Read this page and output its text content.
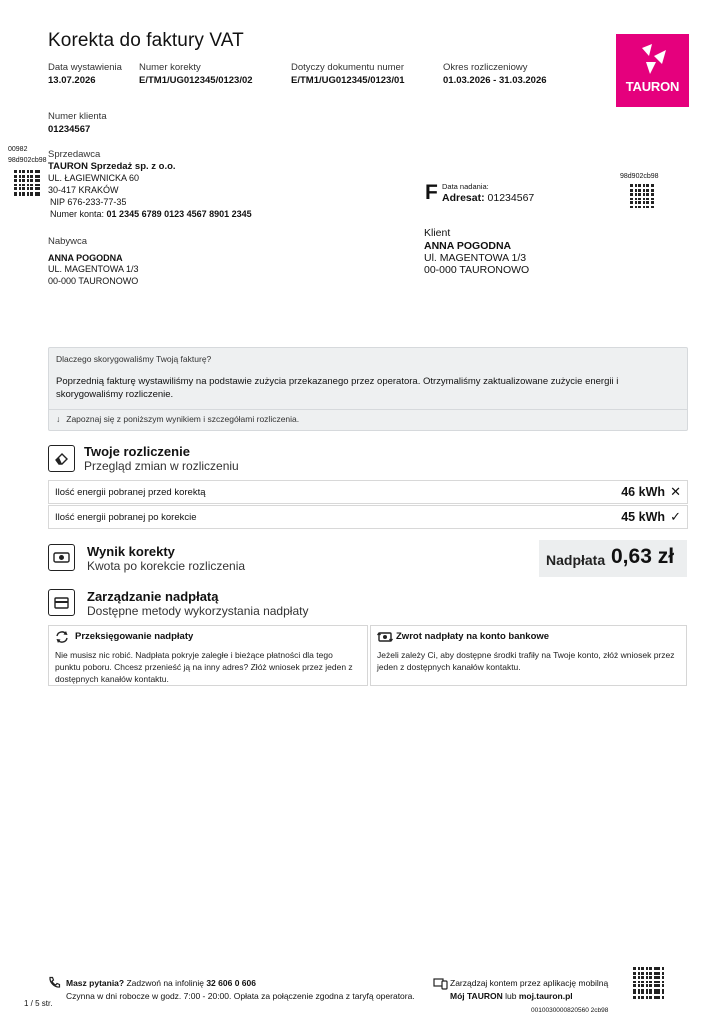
Korekta do faktury VAT
Data wystawienia
13.07.2026
Numer korekty
E/TM1/UG012345/0123/02
Dotyczy dokumentu numer
E/TM1/UG012345/0123/01
Okres rozliczeniowy
01.03.2026 - 31.03.2026	TAURON
Numer klienta
01234567
00982
98d902cb98
Sprzedawca
TAURON Sprzedaż sp. z o.o.
UL. ŁAGIEWNICKA 60
30-417 KRAKÓW
NIP 676-233-77-35
Numer konta: 01 2345 6789 0123 4567 8901 2345
F Data nadania:
Adresat: 01234567
98d902cb98
Klient
ANNA POGODNA
Ul. MAGENTOWA 1/3
00-000 TAURONOWO
Nabywca
ANNA POGODNA
UL. MAGENTOWA 1/3
00-000 TAURONOWO
Dlaczego skorygowaliśmy Twoją fakturę?
Poprzednią fakturę wystawiliśmy na podstawie zużycia przekazanego przez operatora. Otrzymaliśmy zaktualizowane zużycie energii i skorygowaliśmy rozliczenie.
↓ Zapoznaj się z poniższym wynikiem i szczegółami rozliczenia.
Twoje rozliczenie
Przegląd zmian w rozliczeniu
Ilość energii pobranej przed korektą	46 kWh ✕
Ilość energii pobranej po korekcie	45 kWh ✓
Wynik korekty
Kwota po korekcie rozliczenia	Nadpłata 0,63 zł
Zarządzanie nadpłatą
Dostępne metody wykorzystania nadpłaty
Przeksięgowanie nadpłaty
Nie musisz nic robić. Nadpłata pokryje zaległe i bieżące płatności dla tego punktu poboru. Chcesz przenieść ją na inny adres? Złóż wniosek przez jeden z dostępnych kanałów kontaktu.
Zwrot nadpłaty na konto bankowe
Jeżeli zależy Ci, aby dostępne środki trafiły na Twoje konto, złóż wniosek przez jeden z dostępnych kanałów kontaktu.
Masz pytania? Zadzwoń na infolinię 32 606 0 606
Czynna w dni robocze w godz. 7:00 - 20:00. Opłata za połączenie zgodna z taryfą operatora.
Zarządzaj kontem przez aplikację mobilną
Mój TAURON lub moj.tauron.pl
1 / 5 str.
0010030000820560 2cb98
